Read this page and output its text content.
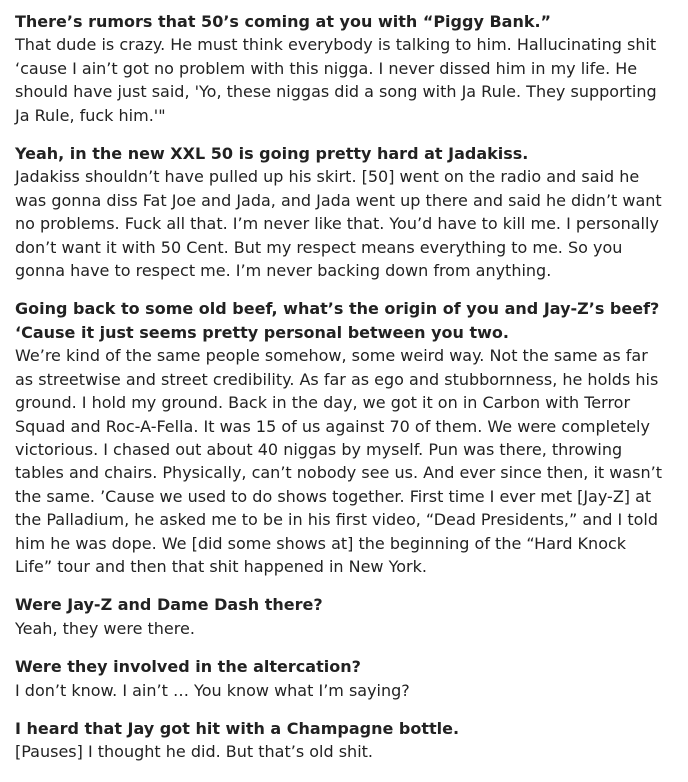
There’s rumors that 50’s coming at you with “Piggy Bank.”

That dude is crazy. He must think everybody is talking to him. Hallucinating shit ‘cause I ain’t got no problem with this nigga. I never dissed him in my life. He should have just said, 'Yo, these niggas did a song with Ja Rule. They supporting Ja Rule, fuck him.'"

Yeah, in the new XXL 50 is going pretty hard at Jadakiss.

Jadakiss shouldn’t have pulled up his skirt. [50] went on the radio and said he was gonna diss Fat Joe and Jada, and Jada went up there and said he didn’t want no problems. Fuck all that. I’m never like that. You’d have to kill me. I personally don’t want it with 50 Cent. But my respect means everything to me. So you gonna have to respect me. I’m never backing down from anything.

Going back to some old beef, what’s the origin of you and Jay-Z’s beef? ‘Cause it just seems pretty personal between you two.

We’re kind of the same people somehow, some weird way. Not the same as far as streetwise and street credibility. As far as ego and stubbornness, he holds his ground. I hold my ground. Back in the day, we got it on in Carbon with Terror Squad and Roc-A-Fella. It was 15 of us against 70 of them. We were completely victorious. I chased out about 40 niggas by myself. Pun was there, throwing tables and chairs. Physically, can’t nobody see us. And ever since then, it wasn’t the same. ’Cause we used to do shows together. First time I ever met [Jay-Z] at the Palladium, he asked me to be in his first video, “Dead Presidents,” and I told him he was dope. We [did some shows at] the beginning of the “Hard Knock Life” tour and then that shit happened in New York.

Were Jay-Z and Dame Dash there?

Yeah, they were there.

Were they involved in the altercation?

I don’t know. I ain’t … You know what I’m saying?

I heard that Jay got hit with a Champagne bottle.

[Pauses] I thought he did. But that’s old shit.
